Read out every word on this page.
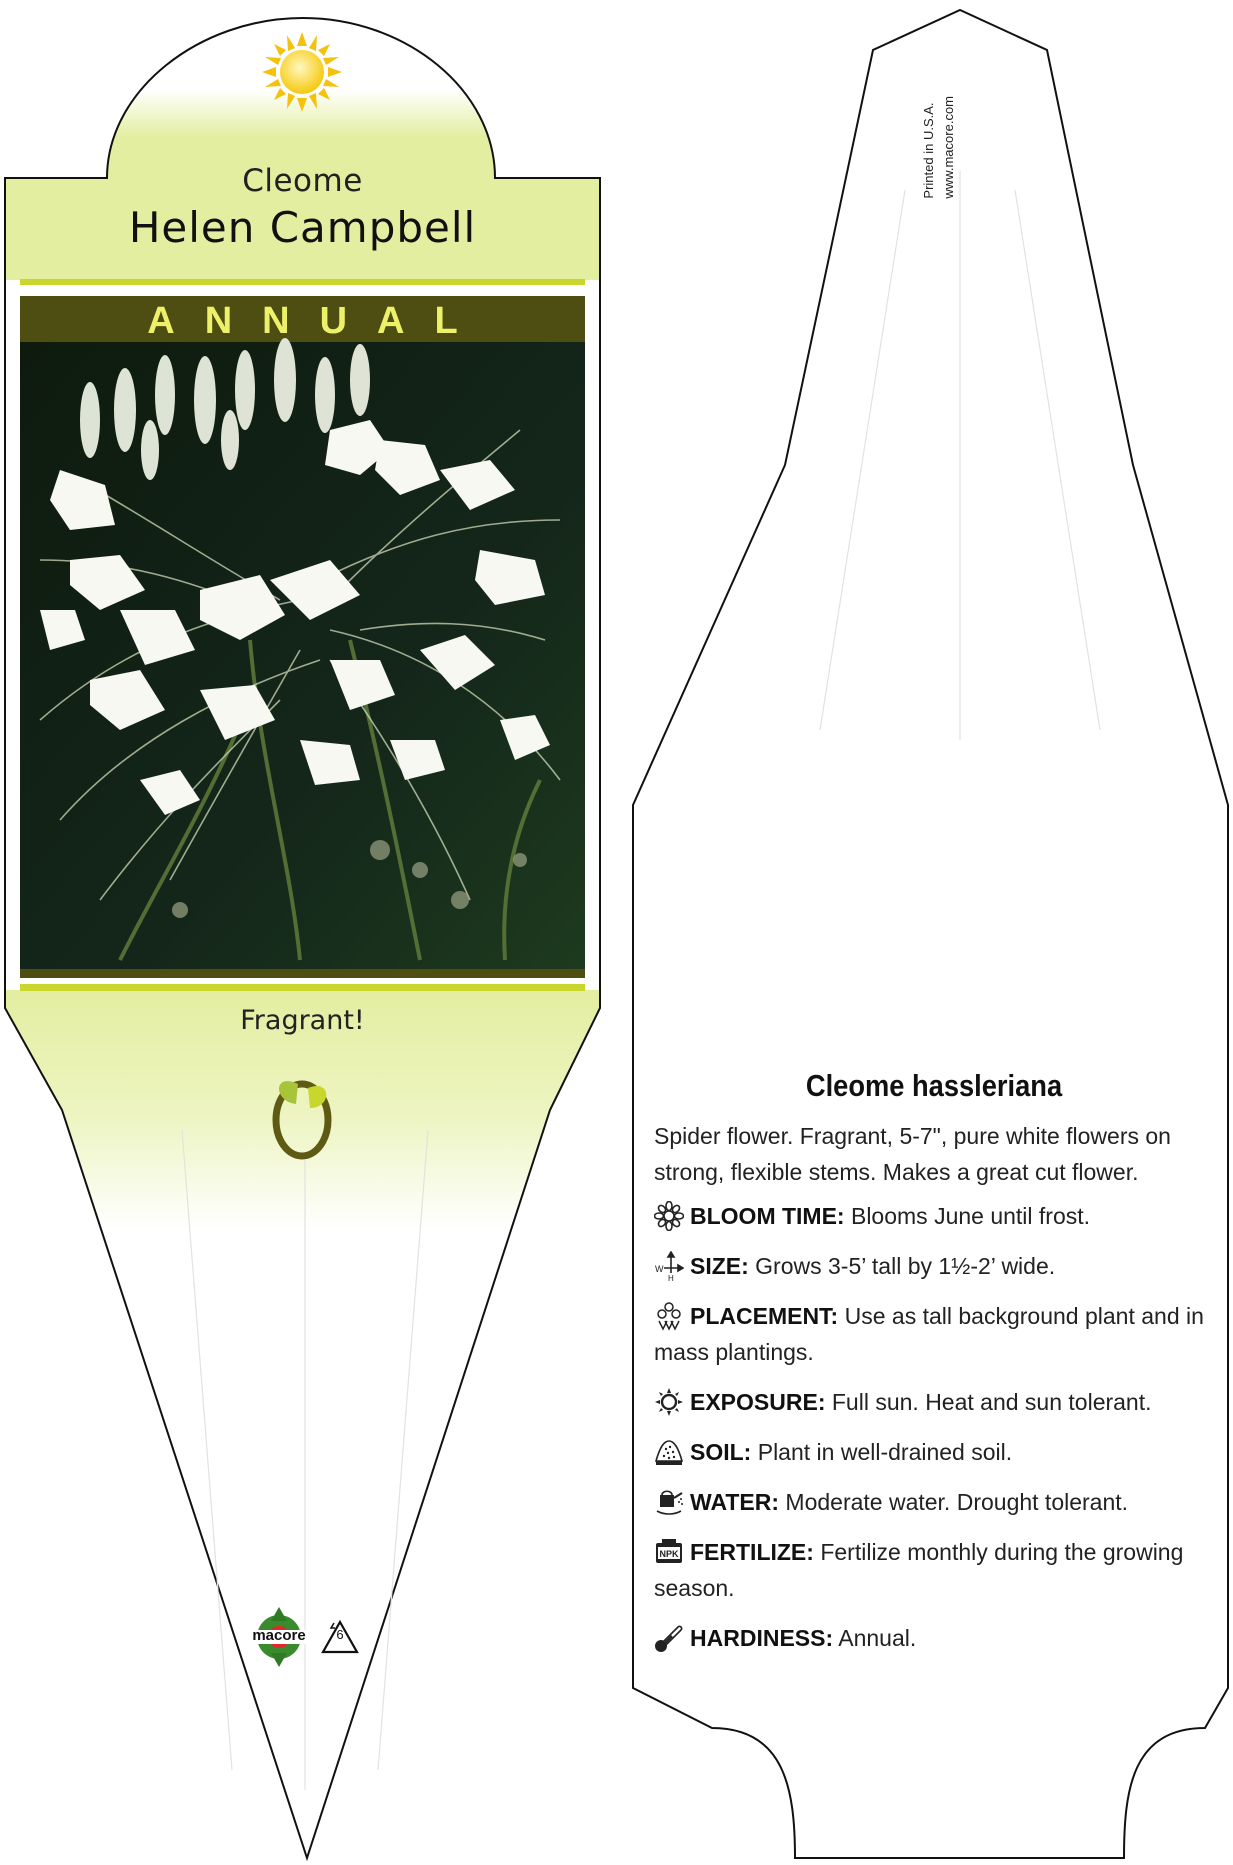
Cleome
Helen Campbell
ANNUAL
Fragrant!
macore	6
Printed in U.S.A. www.macore.com
Cleome hassleriana
Spider flower. Fragrant, 5-7", pure white flowers on strong, flexible stems. Makes a great cut flower.
BLOOM TIME: Blooms June until frost.
W
H SIZE: Grows 3-5’ tall by 1½-2’ wide.
PLACEMENT: Use as tall background plant and in mass plantings.
EXPOSURE: Full sun. Heat and sun tolerant.
SOIL: Plant in well-drained soil.
WATER: Moderate water. Drought tolerant.
NPK FERTILIZE: Fertilize monthly during the growing season.
HARDINESS: Annual.
